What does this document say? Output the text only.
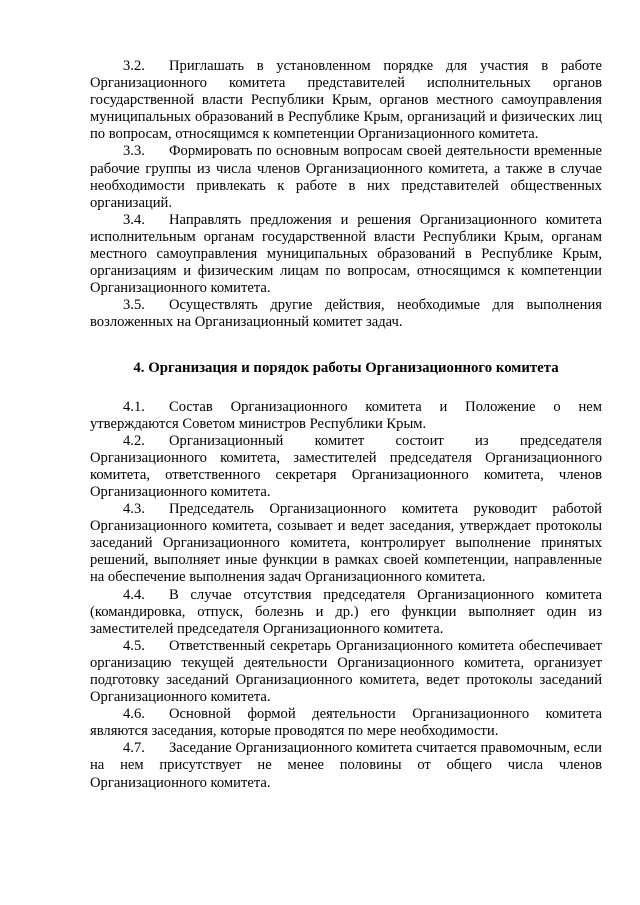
3.2. Приглашать в установленном порядке для участия в работе Организационного комитета представителей исполнительных органов государственной власти Республики Крым, органов местного самоуправления муниципальных образований в Республике Крым, организаций и физических лиц по вопросам, относящимся к компетенции Организационного комитета.

3.3. Формировать по основным вопросам своей деятельности временные рабочие группы из числа членов Организационного комитета, а также в случае необходимости привлекать к работе в них представителей общественных организаций.

3.4. Направлять предложения и решения Организационного комитета исполнительным органам государственной власти Республики Крым, органам местного самоуправления муниципальных образований в Республике Крым, организациям и физическим лицам по вопросам, относящимся к компетенции Организационного комитета.

3.5. Осуществлять другие действия, необходимые для выполнения возложенных на Организационный комитет задач.

4. Организация и порядок работы Организационного комитета

4.1. Состав Организационного комитета и Положение о нем утверждаются Советом министров Республики Крым.

4.2. Организационный комитет состоит из председателя Организационного комитета, заместителей председателя Организационного комитета, ответственного секретаря Организационного комитета, членов Организационного комитета.

4.3. Председатель Организационного комитета руководит работой Организационного комитета, созывает и ведет заседания, утверждает протоколы заседаний Организационного комитета, контролирует выполнение принятых решений, выполняет иные функции в рамках своей компетенции, направленные на обеспечение выполнения задач Организационного комитета.

4.4. В случае отсутствия председателя Организационного комитета (командировка, отпуск, болезнь и др.) его функции выполняет один из заместителей председателя Организационного комитета.

4.5. Ответственный секретарь Организационного комитета обеспечивает организацию текущей деятельности Организационного комитета, организует подготовку заседаний Организационного комитета, ведет протоколы заседаний Организационного комитета.

4.6. Основной формой деятельности Организационного комитета являются заседания, которые проводятся по мере необходимости.

4.7. Заседание Организационного комитета считается правомочным, если на нем присутствует не менее половины от общего числа членов Организационного комитета.
